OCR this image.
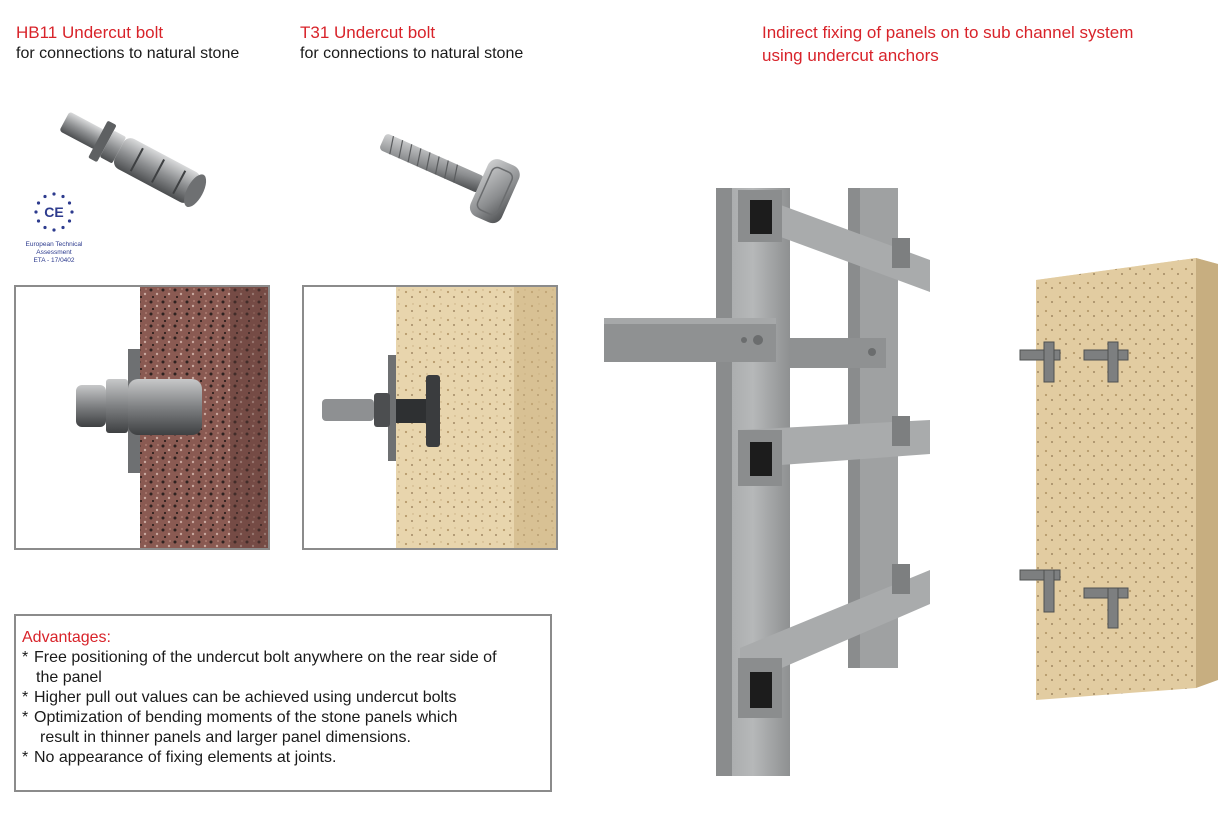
HB11 Undercut bolt
for connections to natural stone
T31 Undercut bolt
for connections to natural stone
Indirect fixing of panels on to sub channel system
using undercut anchors
CE
European Technical
Assessment
ETA - 17/0402
Advantages:
* Free positioning of the undercut bolt anywhere on the rear side of
the panel
* Higher pull out values can be achieved using undercut bolts
* Optimization of bending moments of the stone panels which
result in thinner panels and larger panel dimensions.
* No appearance of fixing elements at joints.
